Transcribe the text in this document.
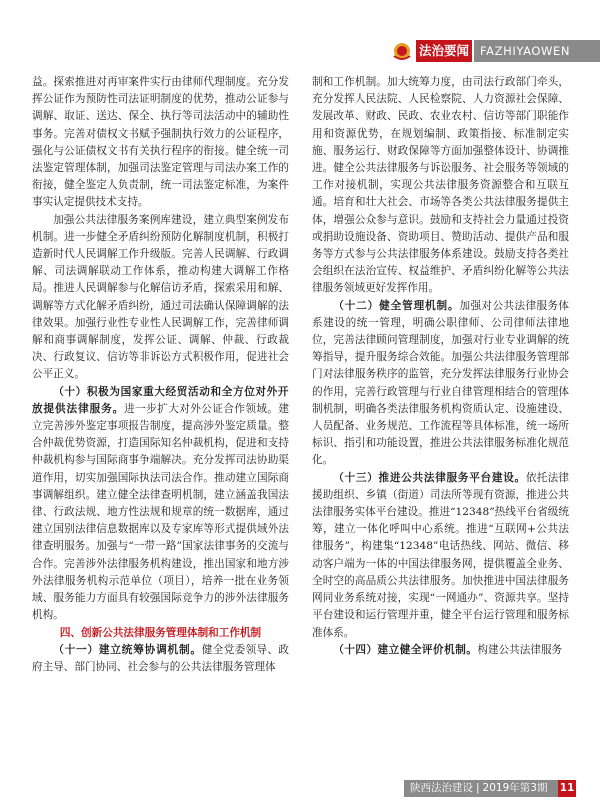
法治要闻 FAZHIYAOWEN

益。探索推进对再审案件实行由律师代理制度。充分发挥公证作为预防性司法证明制度的优势，推动公证参与调解、取证、送达、保全、执行等司法活动中的辅助性事务。完善对债权文书赋予强制执行效力的公证程序，强化与公证债权文书有关执行程序的衔接。健全统一司法鉴定管理体制，加强司法鉴定管理与司法办案工作的衔接，健全鉴定人负责制，统一司法鉴定标准，为案件事实认定提供技术支持。

加强公共法律服务案例库建设，建立典型案例发布机制。进一步健全矛盾纠纷预防化解制度机制，积极打造新时代人民调解工作升级版。完善人民调解、行政调解、司法调解联动工作体系，推动构建大调解工作格局。推进人民调解参与化解信访矛盾，探索采用和解、调解等方式化解矛盾纠纷，通过司法确认保障调解的法律效果。加强行业性专业性人民调解工作，完善律师调解和商事调解制度，发挥公证、调解、仲裁、行政裁决、行政复议、信访等非诉讼方式积极作用，促进社会公平正义。

（十）积极为国家重大经贸活动和全方位对外开放提供法律服务。进一步扩大对外公证合作领域。建立完善涉外鉴定事项报告制度，提高涉外鉴定质量。整合仲裁优势资源，打造国际知名仲裁机构，促进和支持仲裁机构参与国际商事争端解决。充分发挥司法协助渠道作用，切实加强国际执法司法合作。推动建立国际商事调解组织。建立健全法律查明机制，建立涵盖我国法律、行政法规、地方性法规和规章的统一数据库，通过建立国别法律信息数据库以及专家库等形式提供域外法律查明服务。加强与“一带一路”国家法律事务的交流与合作。完善涉外法律服务机构建设，推出国家和地方涉外法律服务机构示范单位（项目），培养一批在业务领域、服务能力方面具有较强国际竞争力的涉外法律服务机构。

四、创新公共法律服务管理体制和工作机制

（十一）建立统筹协调机制。健全党委领导、政府主导、部门协同、社会参与的公共法律服务管理体

制和工作机制。加大统筹力度，由司法行政部门牵头，充分发挥人民法院、人民检察院、人力资源社会保障、发展改革、财政、民政、农业农村、信访等部门职能作用和资源优势，在规划编制、政策指接、标准制定实施、服务运行、财政保障等方面加强整体设计、协调推进。健全公共法律服务与诉讼服务、社会服务等领域的工作对接机制，实现公共法律服务资源整合和互联互通。培育和壮大社会、市场等各类公共法律服务提供主体，增强公众参与意识。鼓励和支持社会力量通过投资或捐助设施设备、资助项目、赞助活动、提供产品和服务等方式参与公共法律服务体系建设。鼓励支持各类社会组织在法治宣传、权益维护、矛盾纠纷化解等公共法律服务领域更好发挥作用。

（十二）健全管理机制。加强对公共法律服务体系建设的统一管理，明确公职律师、公司律师法律地位，完善法律顾问管理制度，加强对行业专业调解的统筹指导，提升服务综合效能。加强公共法律服务管理部门对法律服务秩序的监管，充分发挥法律服务行业协会的作用，完善行政管理与行业自律管理相结合的管理体制机制，明确各类法律服务机构资质认定、设施建设、人员配备、业务规范、工作流程等具体标准，统一场所标识、指引和功能设置，推进公共法律服务标准化规范化。

（十三）推进公共法律服务平台建设。依托法律援助组织、乡镇（街道）司法所等现有资源，推进公共法律服务实体平台建设。推进“12348”热线平台省级统筹，建立一体化呼叫中心系统。推进“互联网+公共法律服务”，构建集“12348”电话热线、网站、微信、移动客户端为一体的中国法律服务网，提供覆盖全业务、全时空的高品质公共法律服务。加快推进中国法律服务网同业务系统对接，实现“一网通办”、资源共享。坚持平台建设和运行管理并重，健全平台运行管理和服务标准体系。

（十四）建立健全评价机制。构建公共法律服务

陕西法治建设 | 2019年第3期 11
